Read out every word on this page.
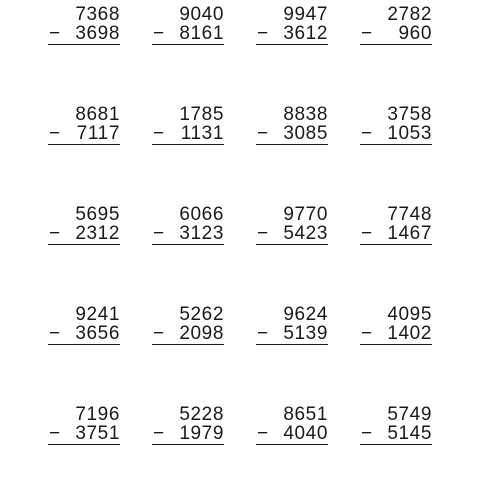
7368
− 3698
9040
− 8161
9947
− 3612
2782
− 960
8681
− 7117
1785
− 1131
8838
− 3085
3758
− 1053
5695
− 2312
6066
− 3123
9770
− 5423
7748
− 1467
9241
− 3656
5262
− 2098
9624
− 5139
4095
− 1402
7196
− 3751
5228
− 1979
8651
− 4040
5749
− 5145
